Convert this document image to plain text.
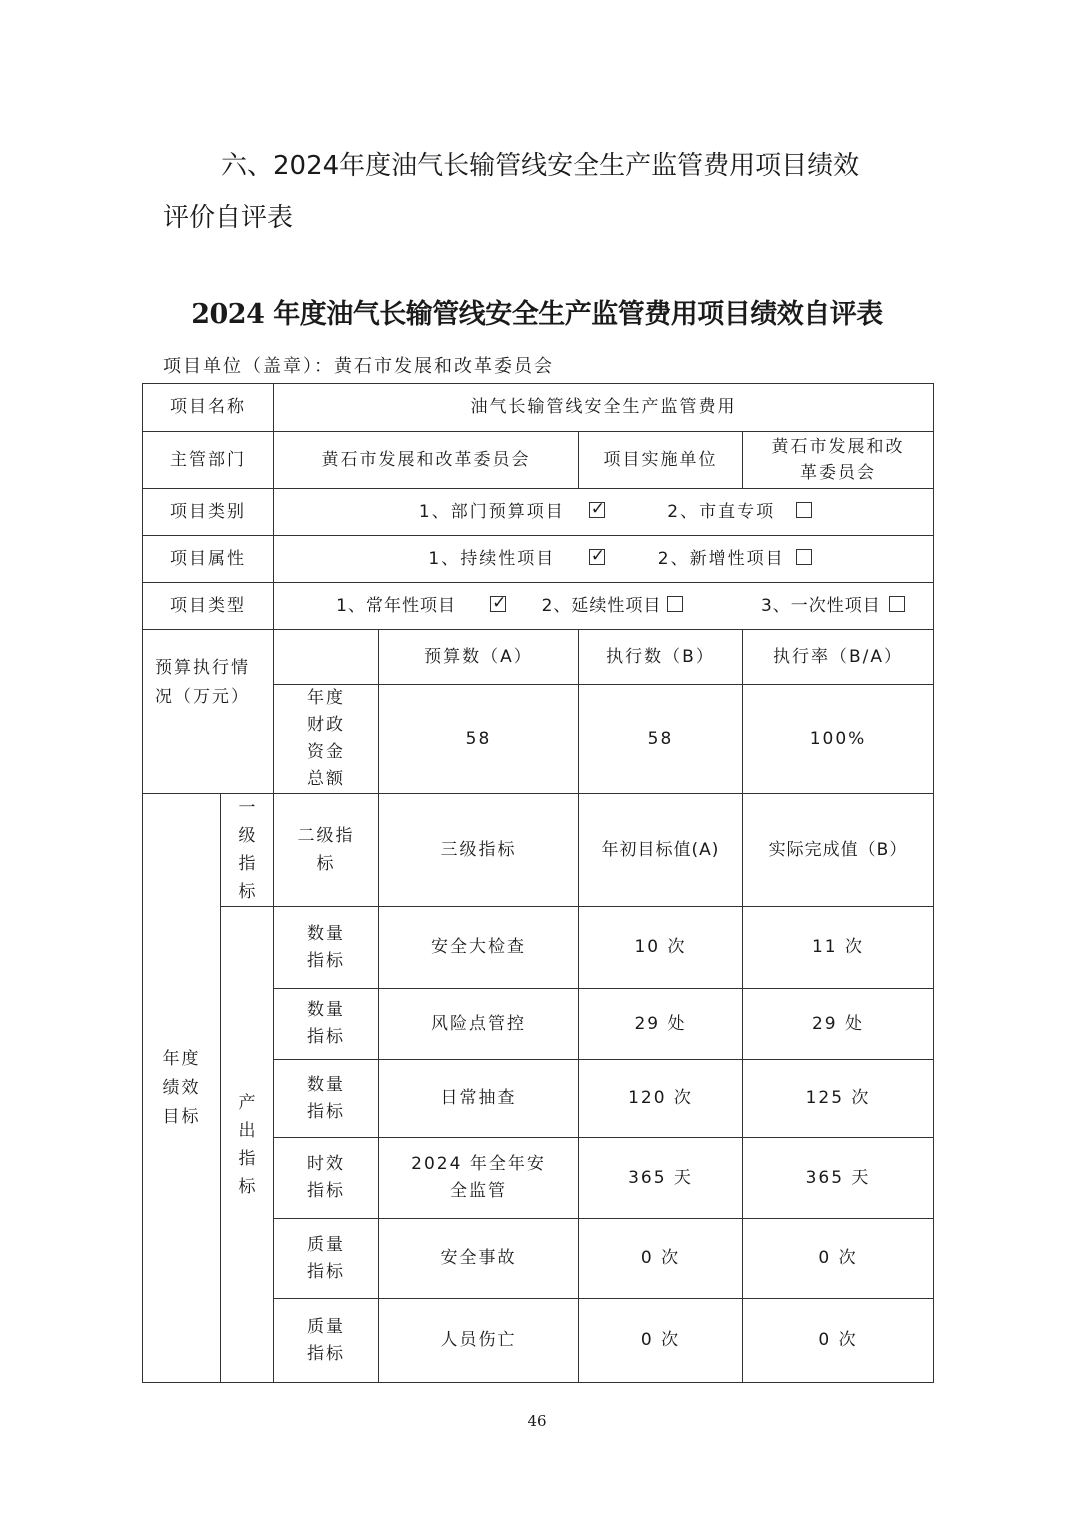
六、2024年度油气长输管线安全生产监管费用项目绩效
评价自评表
2024 年度油气长输管线安全生产监管费用项目绩效自评表
项目单位（盖章）：黄石市发展和改革委员会
项目名称		油气长输管线安全生产监管费用			
主管部门		黄石市发展和改革委员会		项目实施单位	黄石市发展和改革委员会
项目类别		1、部门预算项目 ✓ 2、市直专项
项目属性		1、持续性项目 ✓ 2、新增性项目
项目类型		1、常年性项目✓ 2、延续性项目 3、一次性项目
预算执行情况（万元）			预算数（A）	执行数（B）	执行率（B/A）
		年度财政资金总额	58	58	100%
年度绩效目标	一级指标	二级指标	三级指标	年初目标值(A)	实际完成值（B）
	产出指标	数量指标	安全大检查	10 次	11 次
		数量指标	风险点管控	29 处	29 处
		数量指标	日常抽查	120 次	125 次
		时效指标	2024 年全年安全监管	365 天	365 天
		质量指标	安全事故	0 次	0 次
		质量指标	人员伤亡	0 次	0 次
46
